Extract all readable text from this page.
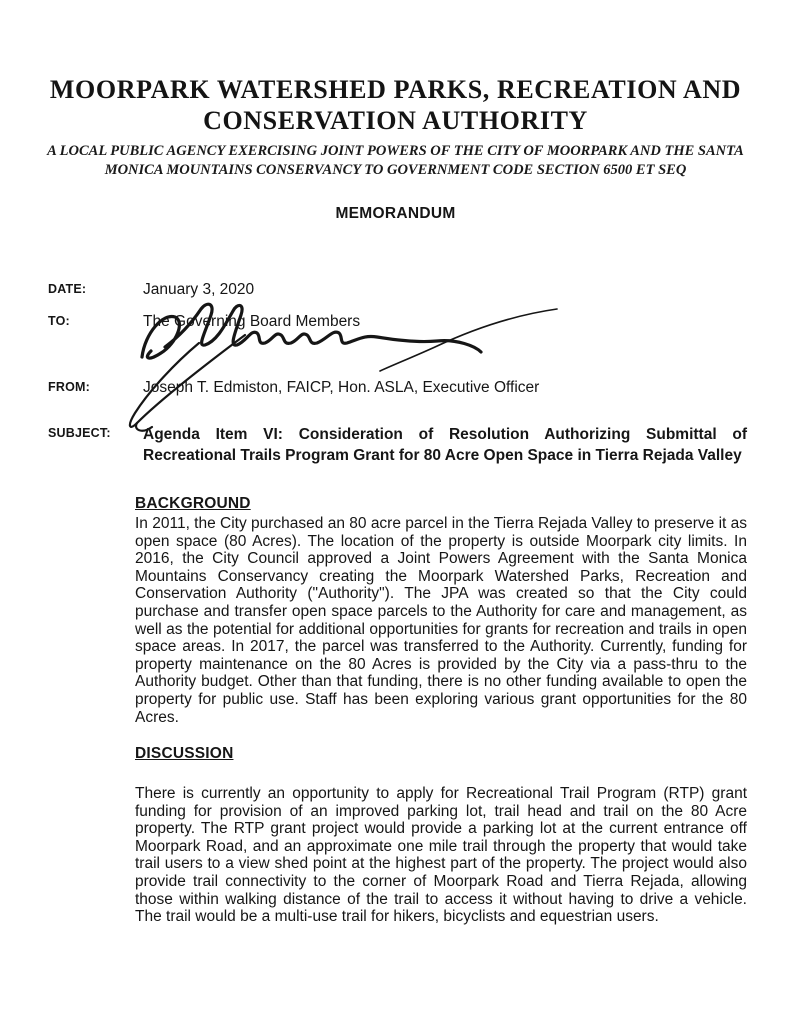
MOORPARK WATERSHED PARKS, RECREATION AND
CONSERVATION AUTHORITY
A LOCAL PUBLIC AGENCY EXERCISING JOINT POWERS OF THE CITY OF MOORPARK AND THE SANTA
MONICA MOUNTAINS CONSERVANCY TO GOVERNMENT CODE SECTION 6500 ET SEQ
MEMORANDUM
DATE:	January 3, 2020
TO:	The Governing Board Members
FROM:	Joseph T. Edmiston, FAICP, Hon. ASLA, Executive Officer
SUBJECT: Agenda Item VI: Consideration of Resolution Authorizing Submittal of Recreational Trails Program Grant for 80 Acre Open Space in Tierra Rejada Valley
BACKGROUND
In 2011, the City purchased an 80 acre parcel in the Tierra Rejada Valley to preserve it as open space (80 Acres). The location of the property is outside Moorpark city limits. In 2016, the City Council approved a Joint Powers Agreement with the Santa Monica Mountains Conservancy creating the Moorpark Watershed Parks, Recreation and Conservation Authority ("Authority"). The JPA was created so that the City could purchase and transfer open space parcels to the Authority for care and management, as well as the potential for additional opportunities for grants for recreation and trails in open space areas. In 2017, the parcel was transferred to the Authority. Currently, funding for property maintenance on the 80 Acres is provided by the City via a pass-thru to the Authority budget. Other than that funding, there is no other funding available to open the property for public use. Staff has been exploring various grant opportunities for the 80 Acres.
DISCUSSION
There is currently an opportunity to apply for Recreational Trail Program (RTP) grant funding for provision of an improved parking lot, trail head and trail on the 80 Acre property. The RTP grant project would provide a parking lot at the current entrance off Moorpark Road, and an approximate one mile trail through the property that would take trail users to a view shed point at the highest part of the property. The project would also provide trail connectivity to the corner of Moorpark Road and Tierra Rejada, allowing those within walking distance of the trail to access it without having to drive a vehicle. The trail would be a multi-use trail for hikers, bicyclists and equestrian users.
